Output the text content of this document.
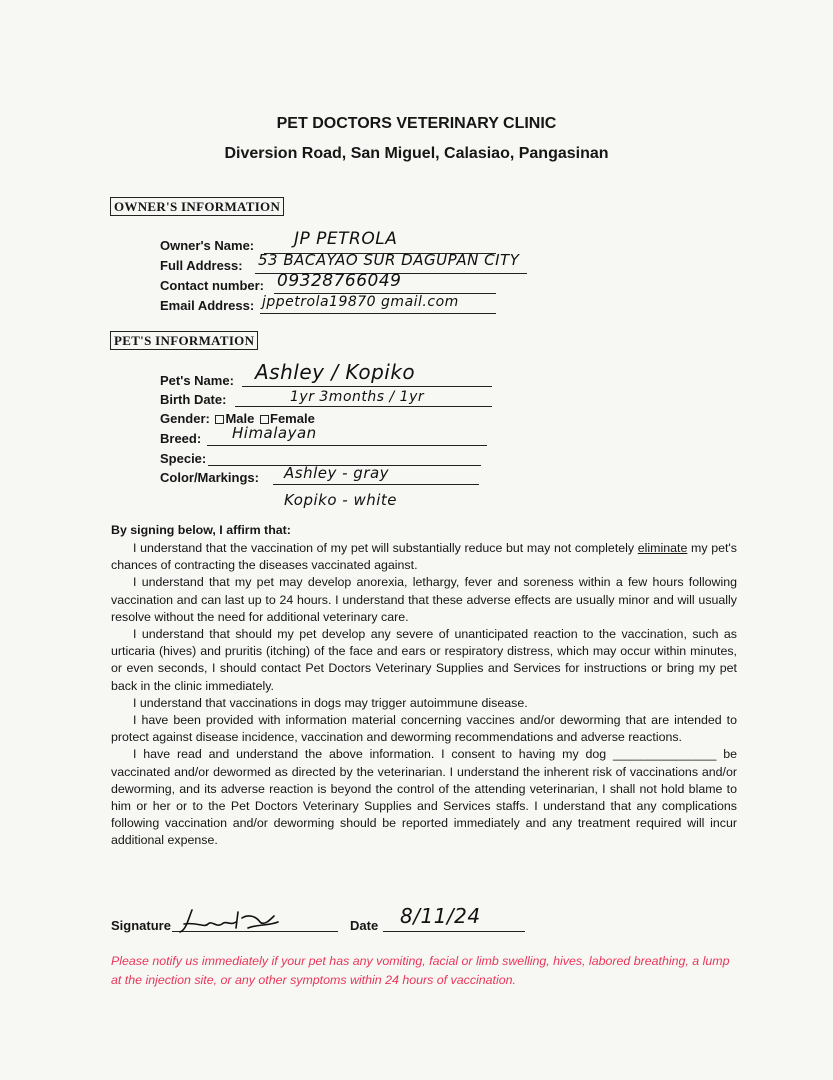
PET DOCTORS VETERINARY CLINIC
Diversion Road, San Miguel, Calasiao, Pangasinan
OWNER'S INFORMATION
Owner's Name: JP PETROLA
Full Address: 53 BACAYAO SUR DAGUPAN CITY
Contact number: 09328766049
Email Address: jppetrola19870 gmail.com
PET'S INFORMATION
Pet's Name: Ashley / Kopiko
Birth Date:	1yr 3months / 1yr
Gender: Male Female
Breed: Himalayan
Specie:
Color/Markings: Ashley - gray
Kopiko - white
By signing below, I affirm that:

I understand that the vaccination of my pet will substantially reduce but may not completely eliminate my pet's chances of contracting the diseases vaccinated against.

I understand that my pet may develop anorexia, lethargy, fever and soreness within a few hours following vaccination and can last up to 24 hours. I understand that these adverse effects are usually minor and will usually resolve without the need for additional veterinary care.

I understand that should my pet develop any severe of unanticipated reaction to the vaccination, such as urticaria (hives) and pruritis (itching) of the face and ears or respiratory distress, which may occur within minutes, or even seconds, I should contact Pet Doctors Veterinary Supplies and Services for instructions or bring my pet back in the clinic immediately.

I understand that vaccinations in dogs may trigger autoimmune disease.

I have been provided with information material concerning vaccines and/or deworming that are intended to protect against disease incidence, vaccination and deworming recommendations and adverse reactions.

I have read and understand the above information. I consent to having my dog _______________ be vaccinated and/or dewormed as directed by the veterinarian. I understand the inherent risk of vaccinations and/or deworming, and its adverse reaction is beyond the control of the attending veterinarian, I shall not hold blame to him or her or to the Pet Doctors Veterinary Supplies and Services staffs. I understand that any complications following vaccination and/or deworming should be reported immediately and any treatment required will incur additional expense.

Signature	Date 8/11/24
Please notify us immediately if your pet has any vomiting, facial or limb swelling, hives, labored breathing, a lump at the injection site, or any other symptoms within 24 hours of vaccination.
